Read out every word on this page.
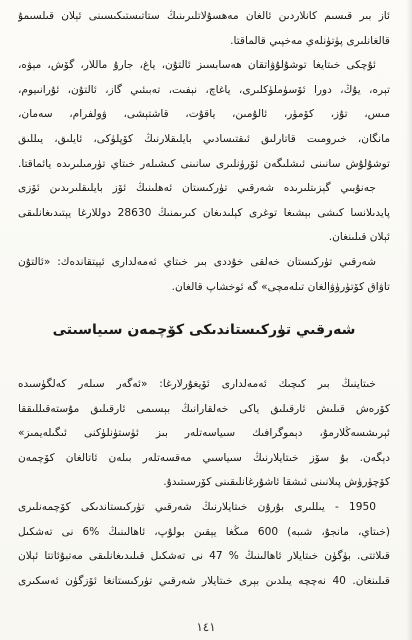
ئاز بىر قىسىم كانلاردىن ئالغان مەھسۇلاتلىرىنىڭ ستاتىستىكىسىنى ئېلان قىلسىمۇ
قالغانلىرى پۈتۈنلەي مەخپىي قالماقتا.
ئۇچكى خىتايغا توشۇلۇۋاتقان ھەسابسىز ئالتۇن، ياغ، جارۇ ماللار، گۆش، مېۋە،
تېرە، يۇڭ، دورا ئۆسۈملۈكلىرى، ياغاچ، نېفىت، تەبىئىي گاز، ئالتۇن، ئۇرانىيوم،
مىس، تۇز، كۆمۈر، ئالۇمىن، ياقۇت، قاشتېشى، ۋولفرام، سەمان،
مانگان، خىرومىت قاتارلىق ئىقتىسادىي بايلىقلارنىڭ كۆپلۈكى، ئايلىق، يىللىق
توشۇلۇش سانىنى ئىشلىگەن ئۆرۈنلىرى سانىنى كىشىلەر خىتاي تۈرمىلىرىدە يائماقتا.
جەنۇبىي گېزىتلىرىدە شەرقىي تۈركىستان ئەھلىنىڭ ئۆز بايلىقلىرىدىن ئۆزى
پايدىلانسا كىشى بېشىغا توغرى كېلىدىغان كىرىمنىڭ 28630 دوللارغا يېتىدىغانلىقى
ئېلان قىلىنغان.
شەرقىي تۈركىستان خەلقى خۇددى بىر خىتاي ئەمەلدارى ئېيتقاندەك: «ئالتۇن
تاۋاق كۆتۈرۈۋالغان تىلەمچى» گە ئوخشاپ قالغان.
شەرقىي تۈركىستاندىكى كۆچمەن سىياسىتى
خىتاينىڭ بىر كىچىك ئەمەلدارى ئۆيغۇرلارغا: «ئەگەر سىلەر كەلگۈسىدە
كۆرەش قىلىش ئارقىلىق ياكى خەلقارانىڭ بېسىمى ئارقىلىق مۇستەقىللىققا
ئېرىشسەڭلارمۇ، دېموگرافىك سىياسەتلەر بىز ئۈستۈنلۈكنى ئىگىلەيمىز»
دېگەن. بۇ سۆز خىتايلارنىڭ سىياسىي مەقسەتلەر بىلەن ئاتالغان كۆچمەن
كۆچۈرۈش پىلانىنى ئىشقا ئاشۇرغانلىقىنى كۆرسىتىدۇ.
1950 - يىللىرى بۇرۇن خىتايلارنىڭ شەرقىي تۈركىستاندىكى كۆچمەنلىرى
(خىتاي، مانجۇ، شىبە) 600 مىڭغا يېقىن بولۇپ، ئاھالىنىڭ %6 نى تەشكىل
قىلاتتى. بۈگۈن خىتايلار ئاھالىنىڭ % 47 نى تەشكىل قىلىدىغانلىقى مەتبۇئاتتا ئېلان
قىلىنغان. 40 نەچچە يىلدىن بېرى خىتايلار شەرقىي تۈركىستانغا ئۆزگۈن ئەسكىرى
١٤١
